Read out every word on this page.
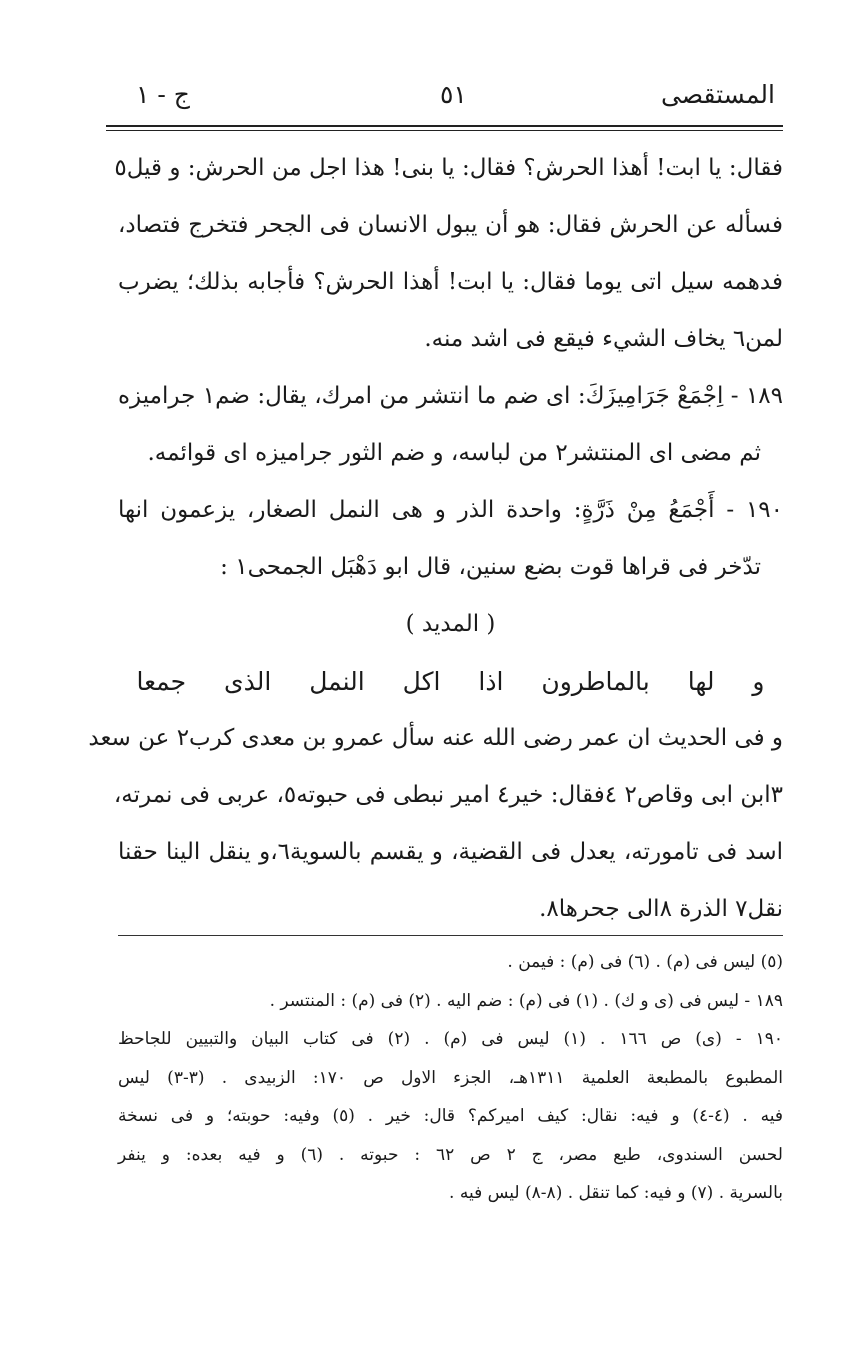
المستقصى
٥١
ج - ١
فقال: يا ابت! أهذا الحرش؟ فقال: يا بنى! هذا اجل من الحرش: و قيل٥
فسأله عن الحرش فقال: هو أن يبول الانسان فى الجحر فتخرج فتصاد،
فدهمه سيل اتى يوما فقال: يا ابت! أهذا الحرش؟ فأجابه بذلك؛ يضرب
لمن٦ يخاف الشيء فيقع فى اشد منه.
١٨٩ - اِجْمَعْ جَرَامِيزَكَ: اى ضم ما انتشر من امرك، يقال: ضم١ جراميزه
ثم مضى اى المنتشر٢ من لباسه، و ضم الثور جراميزه اى قوائمه.
١٩٠ - أَجْمَعُ مِنْ ذَرَّةٍ: واحدة الذر و هى النمل الصغار، يزعمون انها
تدّخر فى قراها قوت بضع سنين، قال ابو دَهْبَل الجمحى١ :
( المديد )
و لها بالماطرون اذا اكل النمل الذى جمعا
و فى الحديث ان عمر رضى الله عنه سأل عمرو بن معدى كرب٢ عن سعد
٣ابن ابى وقاص٢ ٤فقال: خير٤ امير نبطى فى حبوته٥، عربى فى نمرته،
اسد فى تامورته، يعدل فى القضية، و يقسم بالسوية٦،و ينقل الينا حقنا
نقل٧ الذرة ٨الى جحرها٨.
(٥) ليس فى (م) . (٦) فى (م) : فيمن .
١٨٩ - ليس فى (ى و ك) . (١) فى (م) : ضم اليه . (٢) فى (م) : المنتسر .
١٩٠ - (ى) ص ١٦٦ . (١) ليس فى (م) . (٢) فى كتاب البيان والتبيين للجاحظ
المطبوع بالمطبعة العلمية ١٣١١هـ، الجزء الاول ص ١٧٠: الزبيدى . (٣-٣) ليس
فيه . (٤-٤) و فيه: نقال: كيف اميركم؟ قال: خير . (٥) وفيه: حوبته؛ و فى نسخة
لحسن السندوى، طبع مصر، ج ٢ ص ٦٢ : حبوته . (٦) و فيه بعده: و ينفر
بالسرية . (٧) و فيه: كما تنقل . (٨-٨) ليس فيه .
